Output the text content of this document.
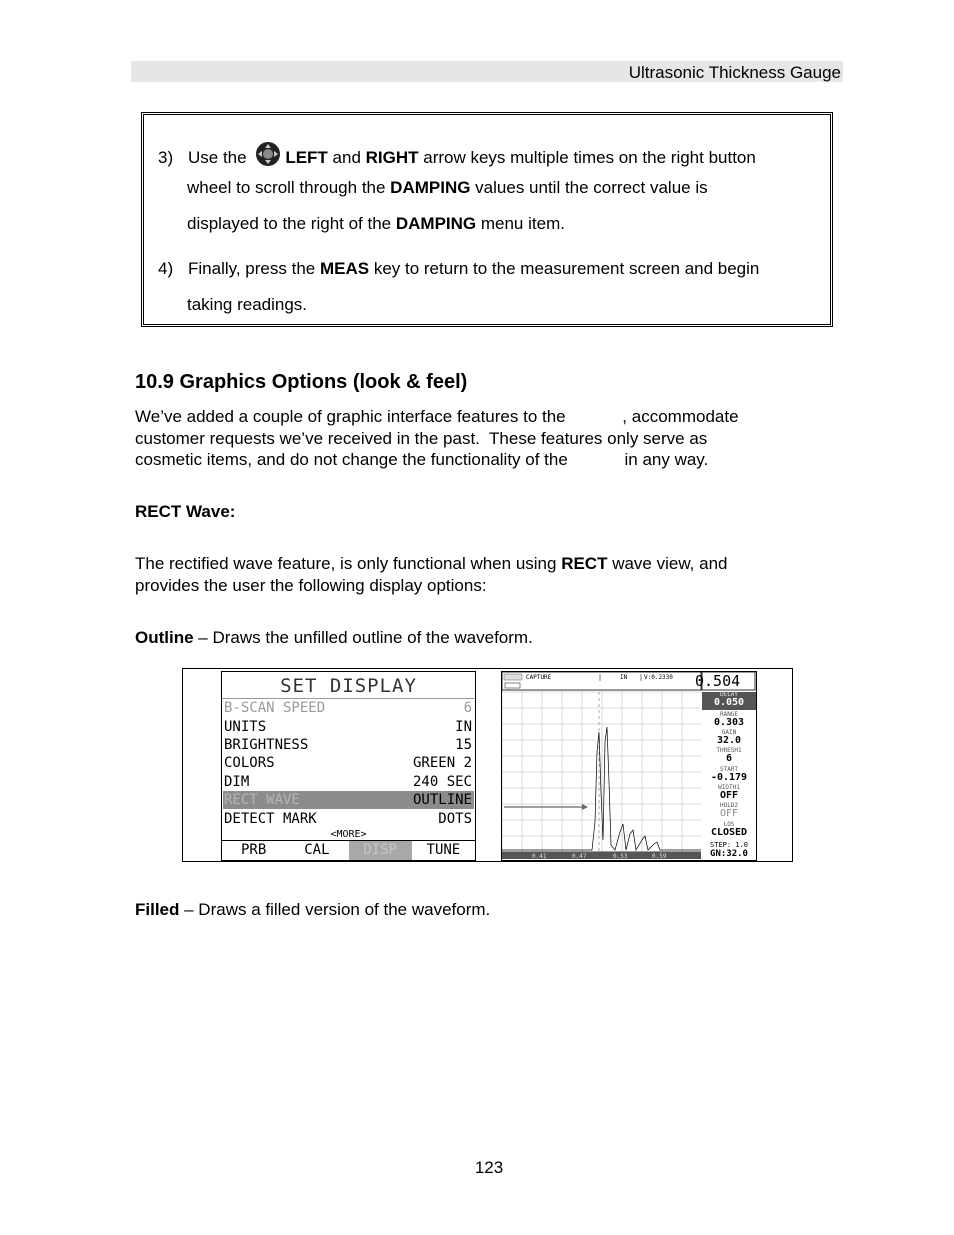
Ultrasonic Thickness Gauge
3) Use the LEFT and RIGHT arrow keys multiple times on the right button
wheel to scroll through the DAMPING values until the correct value is
displayed to the right of the DAMPING menu item.
4) Finally, press the MEAS key to return to the measurement screen and begin
taking readings.
10.9 Graphics Options (look & feel)
We’ve added a couple of graphic interface features to the            , accommodate
customer requests we’ve received in the past.  These features only serve as
cosmetic items, and do not change the functionality of the            in any way.
RECT Wave:
The rectified wave feature, is only functional when using RECT wave view, and
provides the user the following display options:
Outline – Draws the unfilled outline of the waveform.
SET DISPLAY
B-SCAN SPEED	6
UNITS	IN
BRIGHTNESS	15
COLORS	GREEN 2
DIM	240 SEC
RECT WAVE	OUTLINE
DETECT MARK	DOTS
<MORE>
PRB	CAL	DISP	TUNE
CAPTURE	IN	V:0.2330 0.504
DELAY
0.050
RANGE
0.303
GAIN
32.0
THRESH1
6
START
-0.179
WIDTH1
OFF
HOLD2
OFF
LOS
CLOSED
STEP: 1.0
GN:32.0
0.41	0.47	0.53	0.59
Filled – Draws a filled version of the waveform.
123
